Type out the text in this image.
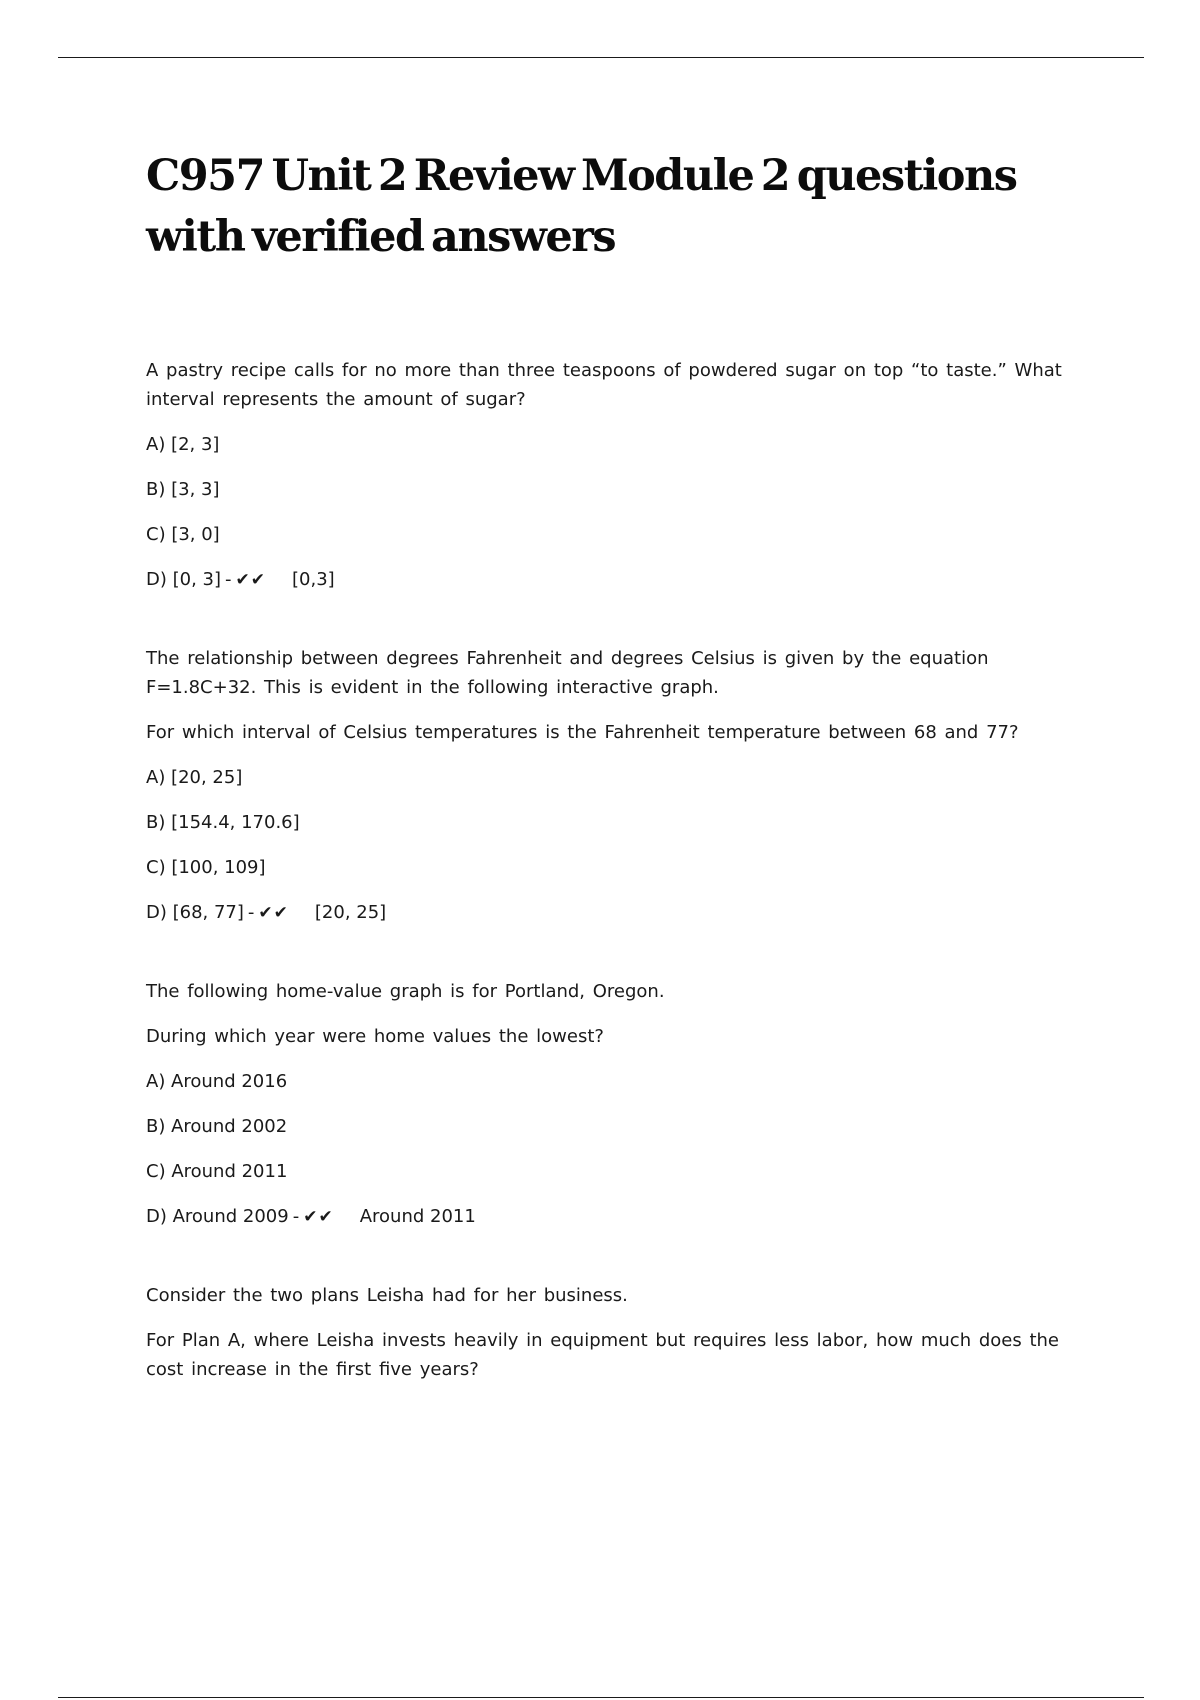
C957 Unit 2 Review Module 2 questions with verified answers

A pastry recipe calls for no more than three teaspoons of powdered sugar on top “to taste.” What interval represents the amount of sugar?

A) [2, 3]

B) [3, 3]

C) [3, 0]

D) [0, 3] - ✔✔ [0,3]

The relationship between degrees Fahrenheit and degrees Celsius is given by the equation F=1.8C+32. This is evident in the following interactive graph.

For which interval of Celsius temperatures is the Fahrenheit temperature between 68 and 77?

A) [20, 25]

B) [154.4, 170.6]

C) [100, 109]

D) [68, 77] - ✔✔ [20, 25]

The following home-value graph is for Portland, Oregon.

During which year were home values the lowest?

A) Around 2016

B) Around 2002

C) Around 2011

D) Around 2009 - ✔✔ Around 2011

Consider the two plans Leisha had for her business.

For Plan A, where Leisha invests heavily in equipment but requires less labor, how much does the cost increase in the first five years?
